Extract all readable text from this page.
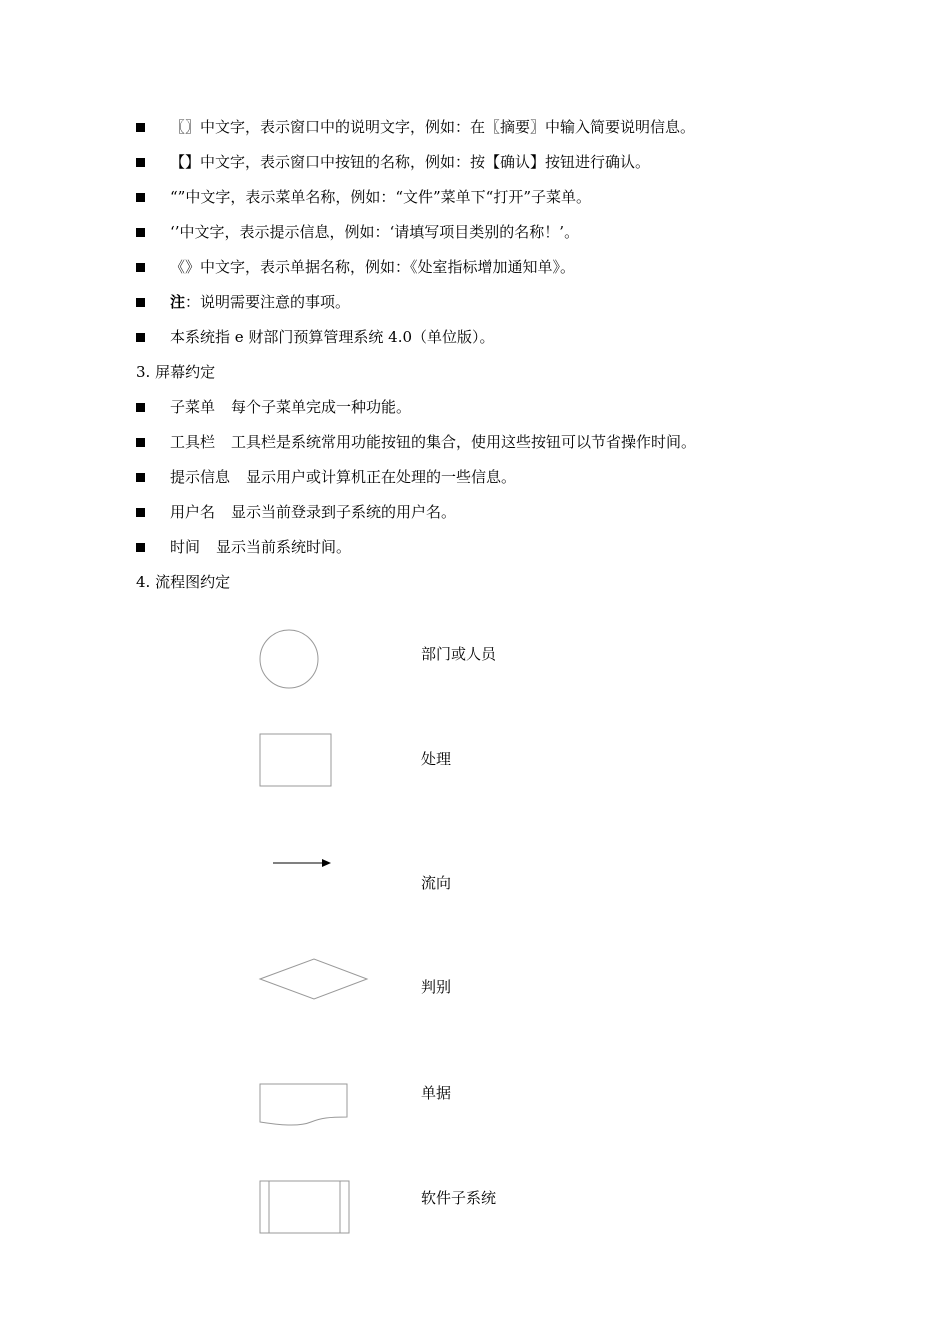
〖〗中文字，表示窗口中的说明文字，例如：在〖摘要〗中输入简要说明信息。
【】中文字，表示窗口中按钮的名称，例如：按【确认】按钮进行确认。
“”中文字，表示菜单名称，例如：“文件”菜单下“打开”子菜单。
‘’中文字，表示提示信息，例如：‘请填写项目类别的名称！’。
《》中文字，表示单据名称，例如：《处室指标增加通知单》。
注：说明需要注意的事项。
本系统指 e 财部门预算管理系统 4.0（单位版）。
3. 屏幕约定
子菜单 每个子菜单完成一种功能。
工具栏 工具栏是系统常用功能按钮的集合，使用这些按钮可以节省操作时间。
提示信息 显示用户或计算机正在处理的一些信息。
用户名 显示当前登录到子系统的用户名。
时间 显示当前系统时间。
4. 流程图约定
部门或人员
处理
流向
判别
单据
软件子系统
